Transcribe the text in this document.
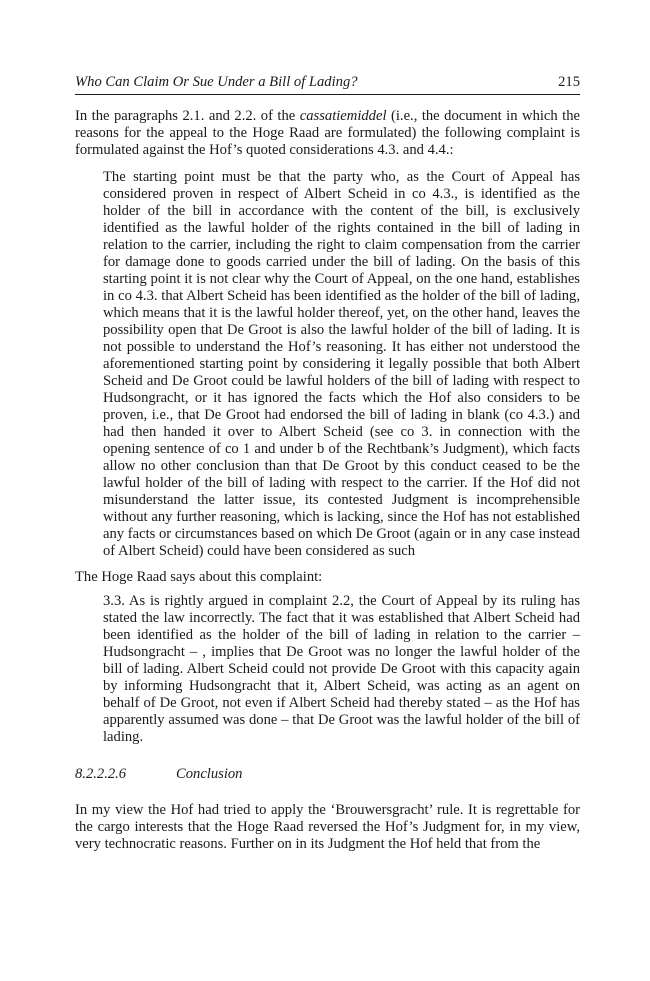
Who Can Claim Or Sue Under a Bill of Lading?	215

In the paragraphs 2.1. and 2.2. of the cassatiemiddel (i.e., the document in which the reasons for the appeal to the Hoge Raad are formulated) the following complaint is formulated against the Hof’s quoted considerations 4.3. and 4.4.:

The starting point must be that the party who, as the Court of Appeal has considered proven in respect of Albert Scheid in co 4.3., is identified as the holder of the bill in accordance with the content of the bill, is exclusively identified as the lawful holder of the rights contained in the bill of lading in relation to the carrier, including the right to claim compensation from the carrier for damage done to goods carried under the bill of lading. On the basis of this starting point it is not clear why the Court of Appeal, on the one hand, establishes in co 4.3. that Albert Scheid has been identified as the holder of the bill of lading, which means that it is the lawful holder thereof, yet, on the other hand, leaves the possibility open that De Groot is also the lawful holder of the bill of lading. It is not possible to understand the Hof’s reasoning. It has either not understood the aforementioned starting point by considering it legally possible that both Albert Scheid and De Groot could be lawful holders of the bill of lading with respect to Hudsongracht, or it has ignored the facts which the Hof also considers to be proven, i.e., that De Groot had endorsed the bill of lading in blank (co 4.3.) and had then handed it over to Albert Scheid (see co 3. in connection with the opening sentence of co 1 and under b of the Rechtbank’s Judgment), which facts allow no other conclusion than that De Groot by this conduct ceased to be the lawful holder of the bill of lading with respect to the carrier. If the Hof did not misunderstand the latter issue, its contested Judgment is incomprehensible without any further reasoning, which is lacking, since the Hof has not established any facts or circumstances based on which De Groot (again or in any case instead of Albert Scheid) could have been considered as such

The Hoge Raad says about this complaint:

3.3. As is rightly argued in complaint 2.2, the Court of Appeal by its ruling has stated the law incorrectly. The fact that it was established that Albert Scheid had been identified as the holder of the bill of lading in relation to the carrier – Hudsongracht – , implies that De Groot was no longer the lawful holder of the bill of lading. Albert Scheid could not provide De Groot with this capacity again by informing Hudsongracht that it, Albert Scheid, was acting as an agent on behalf of De Groot, not even if Albert Scheid had thereby stated – as the Hof has apparently assumed was done – that De Groot was the lawful holder of the bill of lading.

8.2.2.2.6	Conclusion

In my view the Hof had tried to apply the ‘Brouwersgracht’ rule. It is regrettable for the cargo interests that the Hoge Raad reversed the Hof’s Judgment for, in my view, very technocratic reasons. Further on in its Judgment the Hof held that from the
